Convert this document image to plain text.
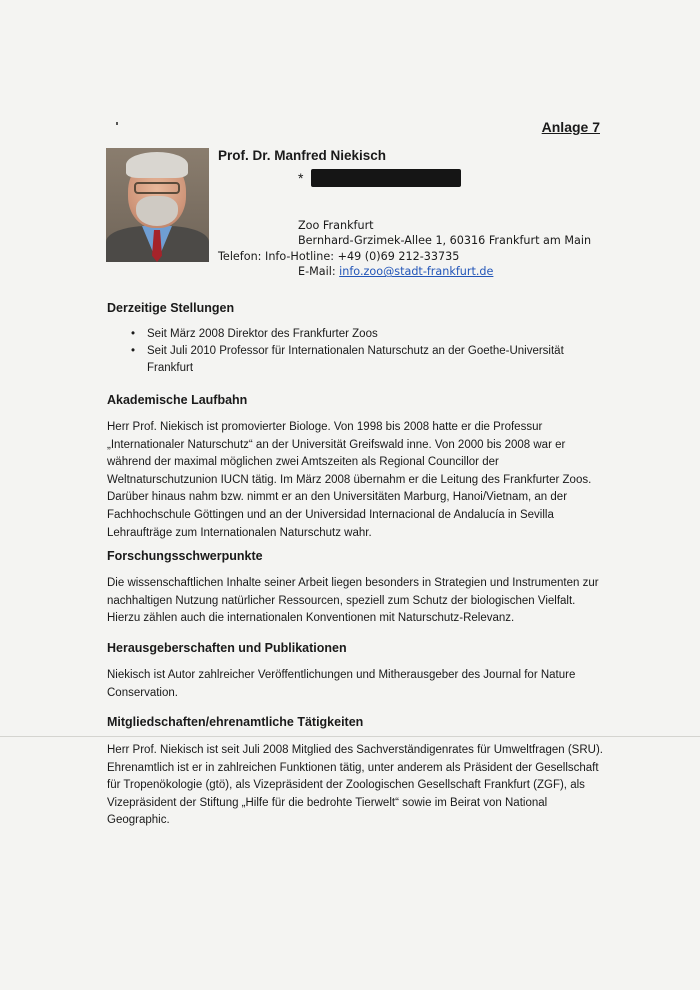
Anlage 7
Prof. Dr. Manfred Niekisch
*
Zoo Frankfurt
Bernhard-Grzimek-Allee 1, 60316 Frankfurt am Main
Telefon: Info-Hotline: +49 (0)69 212-33735
E-Mail: info.zoo@stadt-frankfurt.de
Derzeitige Stellungen
• Seit März 2008 Direktor des Frankfurter Zoos
• Seit Juli 2010 Professor für Internationalen Naturschutz an der Goethe-Universität Frankfurt
Akademische Laufbahn

Herr Prof. Niekisch ist promovierter Biologe. Von 1998 bis 2008 hatte er die Professur „Internationaler Naturschutz“ an der Universität Greifswald inne. Von 2000 bis 2008 war er während der maximal möglichen zwei Amtszeiten als Regional Councillor der Weltnaturschutzunion IUCN tätig. Im März 2008 übernahm er die Leitung des Frankfurter Zoos. Darüber hinaus nahm bzw. nimmt er an den Universitäten Marburg, Hanoi/Vietnam, an der Fachhochschule Göttingen und an der Universidad Internacional de Andalucía in Sevilla Lehraufträge zum Internationalen Naturschutz wahr.

Forschungsschwerpunkte

Die wissenschaftlichen Inhalte seiner Arbeit liegen besonders in Strategien und Instrumenten zur nachhaltigen Nutzung natürlicher Ressourcen, speziell zum Schutz der biologischen Vielfalt. Hierzu zählen auch die internationalen Konventionen mit Naturschutz-Relevanz.

Herausgeberschaften und Publikationen

Niekisch ist Autor zahlreicher Veröffentlichungen und Mitherausgeber des Journal for Nature Conservation.

Mitgliedschaften/ehrenamtliche Tätigkeiten

Herr Prof. Niekisch ist seit Juli 2008 Mitglied des Sachverständigenrates für Umweltfragen (SRU). Ehrenamtlich ist er in zahlreichen Funktionen tätig, unter anderem als Präsident der Gesellschaft für Tropenökologie (gtö), als Vizepräsident der Zoologischen Gesellschaft Frankfurt (ZGF), als Vizepräsident der Stiftung „Hilfe für die bedrohte Tierwelt“ sowie im Beirat von National Geographic.
